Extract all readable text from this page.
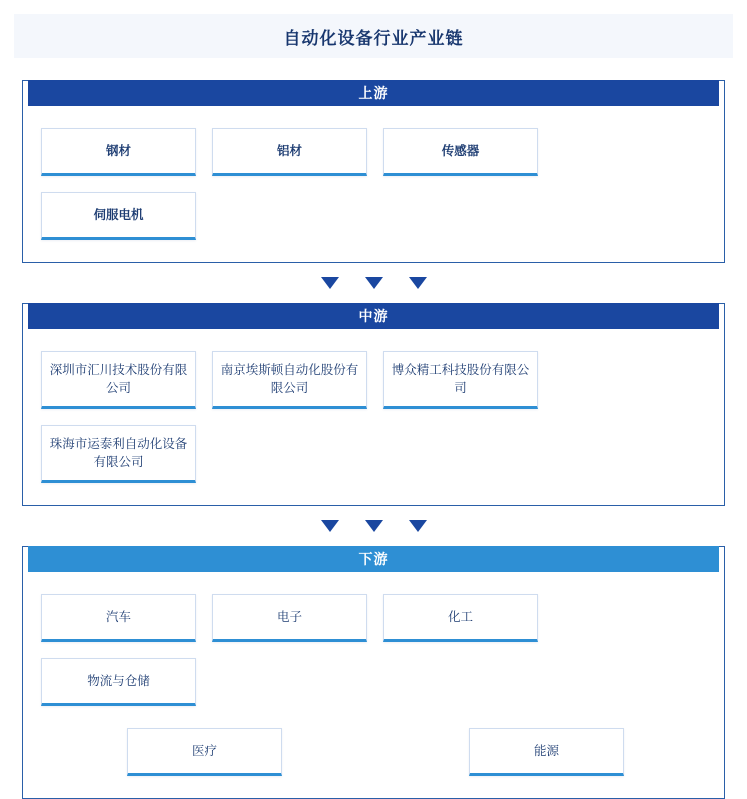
自动化设备行业产业链
上游
钢材	铝材	传感器
伺服电机
中游
深圳市汇川技术股份有限公司
南京埃斯顿自动化股份有限公司
博众精工科技股份有限公司
珠海市运泰利自动化设备有限公司
下游
汽车	电子	化工
物流与仓储
医疗	能源
